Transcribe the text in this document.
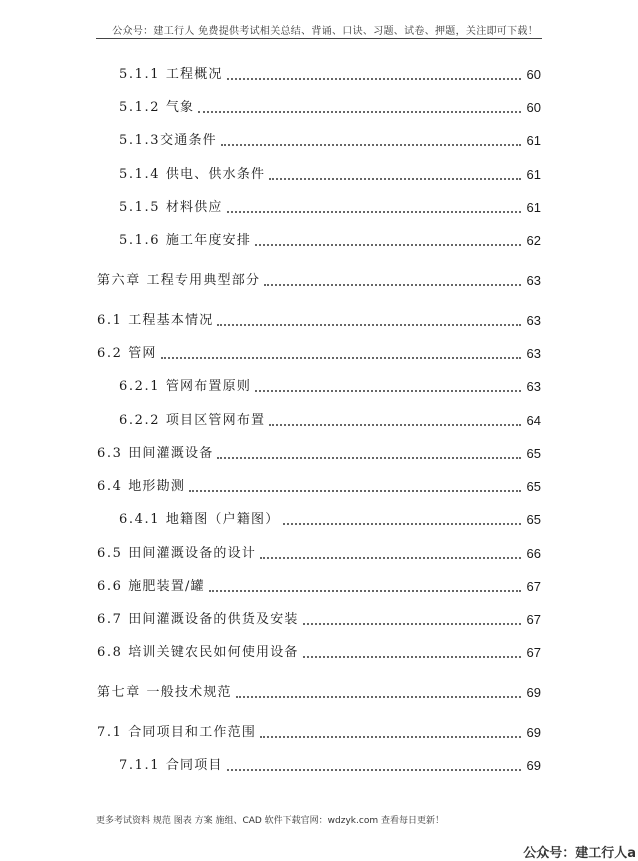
公众号：建工行人 免费提供考试相关总结、背诵、口诀、习题、试卷、押题，关注即可下载！
5.1.1 工程概况	60
5.1.2 气象	60
5.1.3 交通条件	61
5.1.4 供电、供水条件	61
5.1.5 材料供应	61
5.1.6 施工年度安排	62
第六章 工程专用典型部分	63
6.1 工程基本情况	63
6.2 管网	63
6.2.1 管网布置原则	63
6.2.2 项目区管网布置	64
6.3 田间灌溉设备	65
6.4 地形勘测	65
6.4.1 地籍图（户籍图）	65
6.5 田间灌溉设备的设计	66
6.6 施肥装置/罐	67
6.7 田间灌溉设备的供货及安装	67
6.8 培训关键农民如何使用设备	67
第七章 一般技术规范	69
7.1 合同项目和工作范围	69
7.1.1 合同项目	69
更多考试资料 规范 图表 方案 施组、CAD 软件下载官网：wdzyk.com 查看每日更新！
公众号：建工行人a
